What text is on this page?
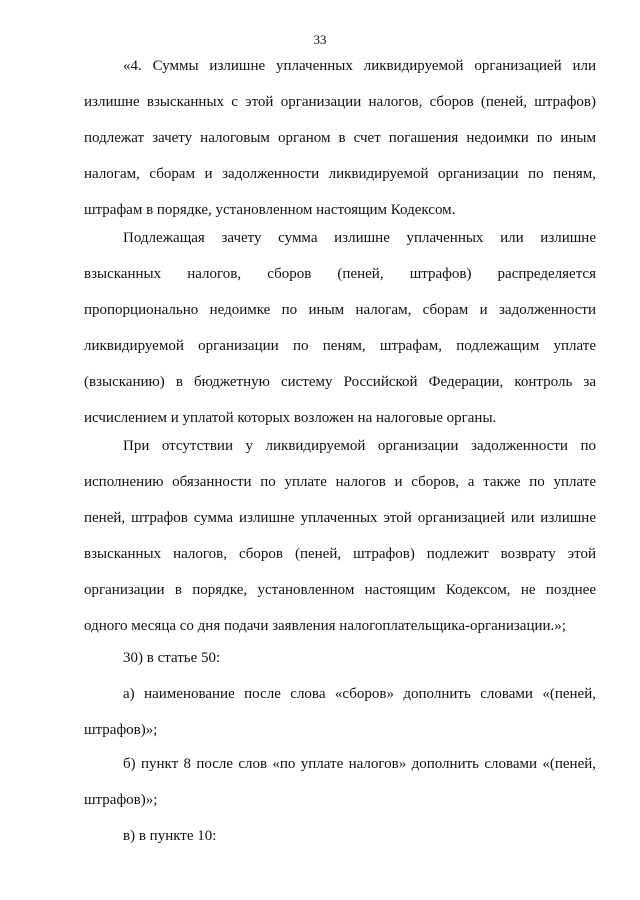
33
«4. Суммы излишне уплаченных ликвидируемой организацией или
излишне взысканных с этой организации налогов, сборов (пеней, штрафов)
подлежат зачету налоговым органом в счет погашения недоимки по иным
налогам, сборам и задолженности ликвидируемой организации по пеням,
штрафам в порядке, установленном настоящим Кодексом.
Подлежащая зачету сумма излишне уплаченных или излишне
взысканных налогов, сборов (пеней, штрафов) распределяется
пропорционально недоимке по иным налогам, сборам и задолженности
ликвидируемой организации по пеням, штрафам, подлежащим уплате
(взысканию) в бюджетную систему Российской Федерации, контроль за
исчислением и уплатой которых возложен на налоговые органы.
При отсутствии у ликвидируемой организации задолженности по
исполнению обязанности по уплате налогов и сборов, а также по уплате
пеней, штрафов сумма излишне уплаченных этой организацией или излишне
взысканных налогов, сборов (пеней, штрафов) подлежит возврату этой
организации в порядке, установленном настоящим Кодексом, не позднее
одного месяца со дня подачи заявления налогоплательщика-организации.»;
30) в статье 50:
а) наименование после слова «сборов» дополнить словами «(пеней,
штрафов)»;
б) пункт 8 после слов «по уплате налогов» дополнить словами «(пеней,
штрафов)»;
в) в пункте 10:
